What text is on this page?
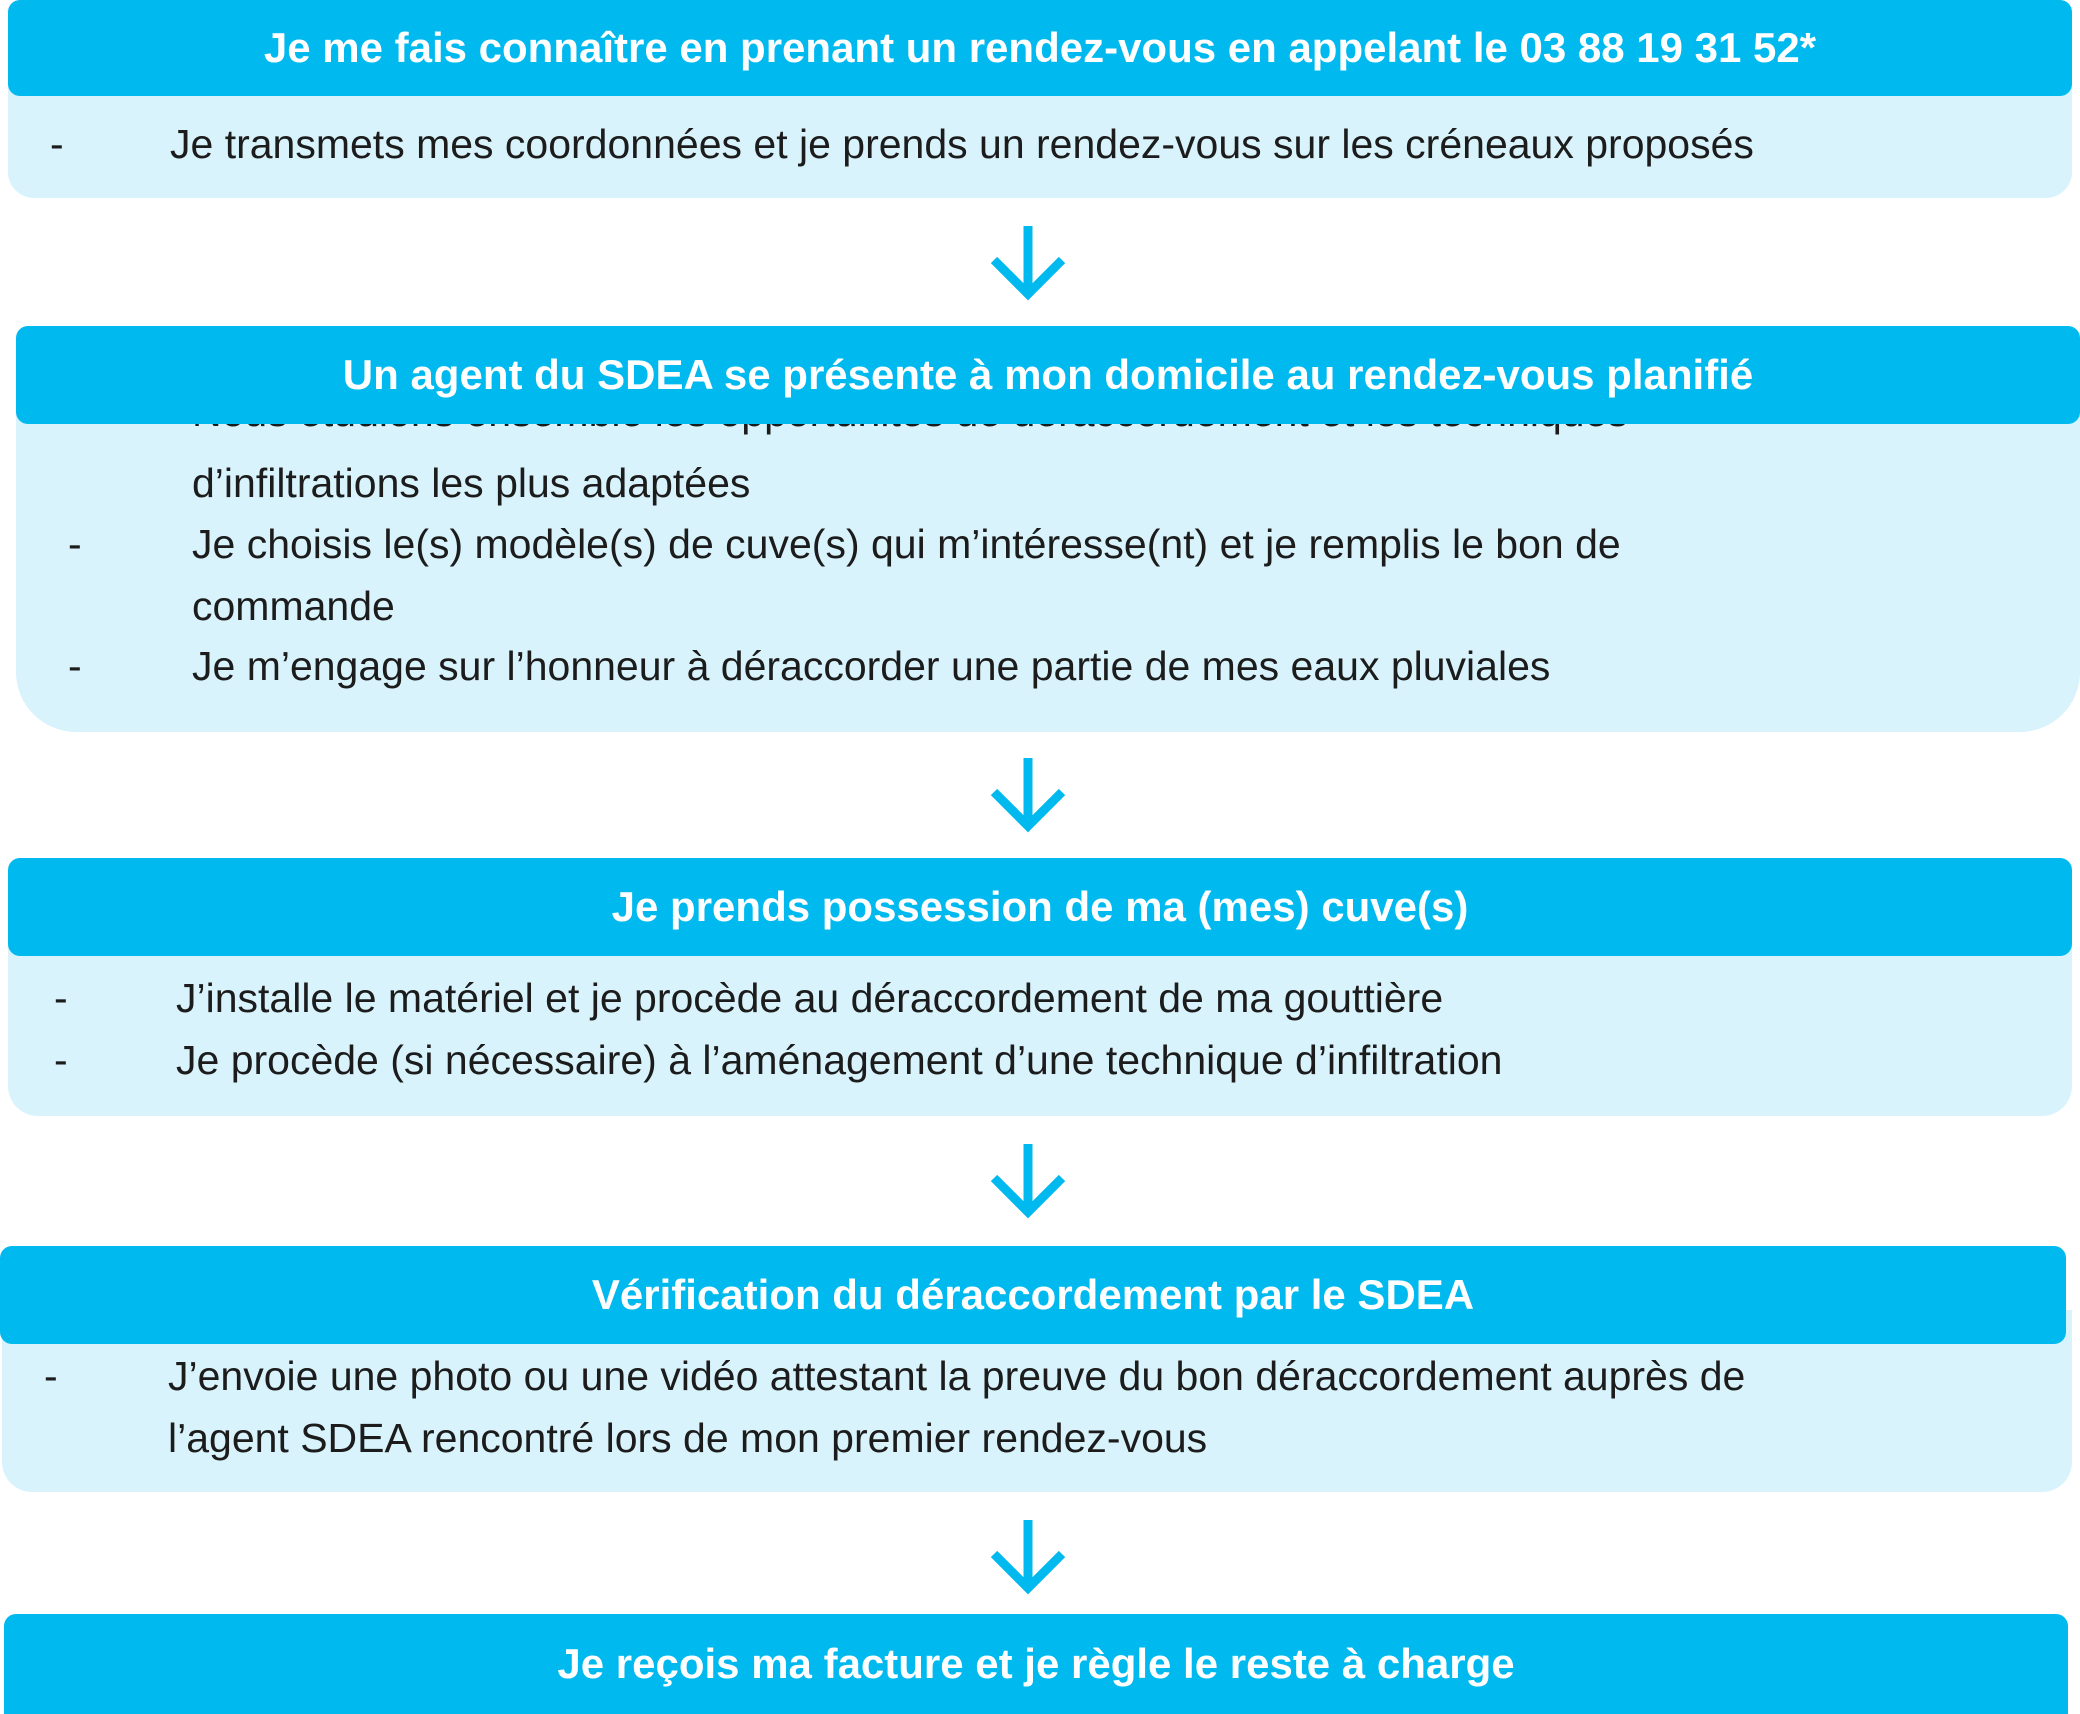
Je me fais connaître en prenant un rendez-vous en appelant le 03 88 19 31 52*
-	Je transmets mes coordonnées et je prends un rendez-vous sur les créneaux proposés
Un agent du SDEA se présente à mon domicile au rendez-vous planifié
d’infiltrations les plus adaptées
-	Je choisis le(s) modèle(s) de cuve(s) qui m’intéresse(nt) et je remplis le bon de
commande
-	Je m’engage sur l’honneur à déraccorder une partie de mes eaux pluviales
Je prends possession de ma (mes) cuve(s)
-	J’installe le matériel et je procède au déraccordement de ma gouttière
-	Je procède (si nécessaire) à l’aménagement d’une technique d’infiltration
Vérification du déraccordement par le SDEA
-	J’envoie une photo ou une vidéo attestant la preuve du bon déraccordement auprès de
l’agent SDEA rencontré lors de mon premier rendez-vous
Je reçois ma facture et je règle le reste à charge
